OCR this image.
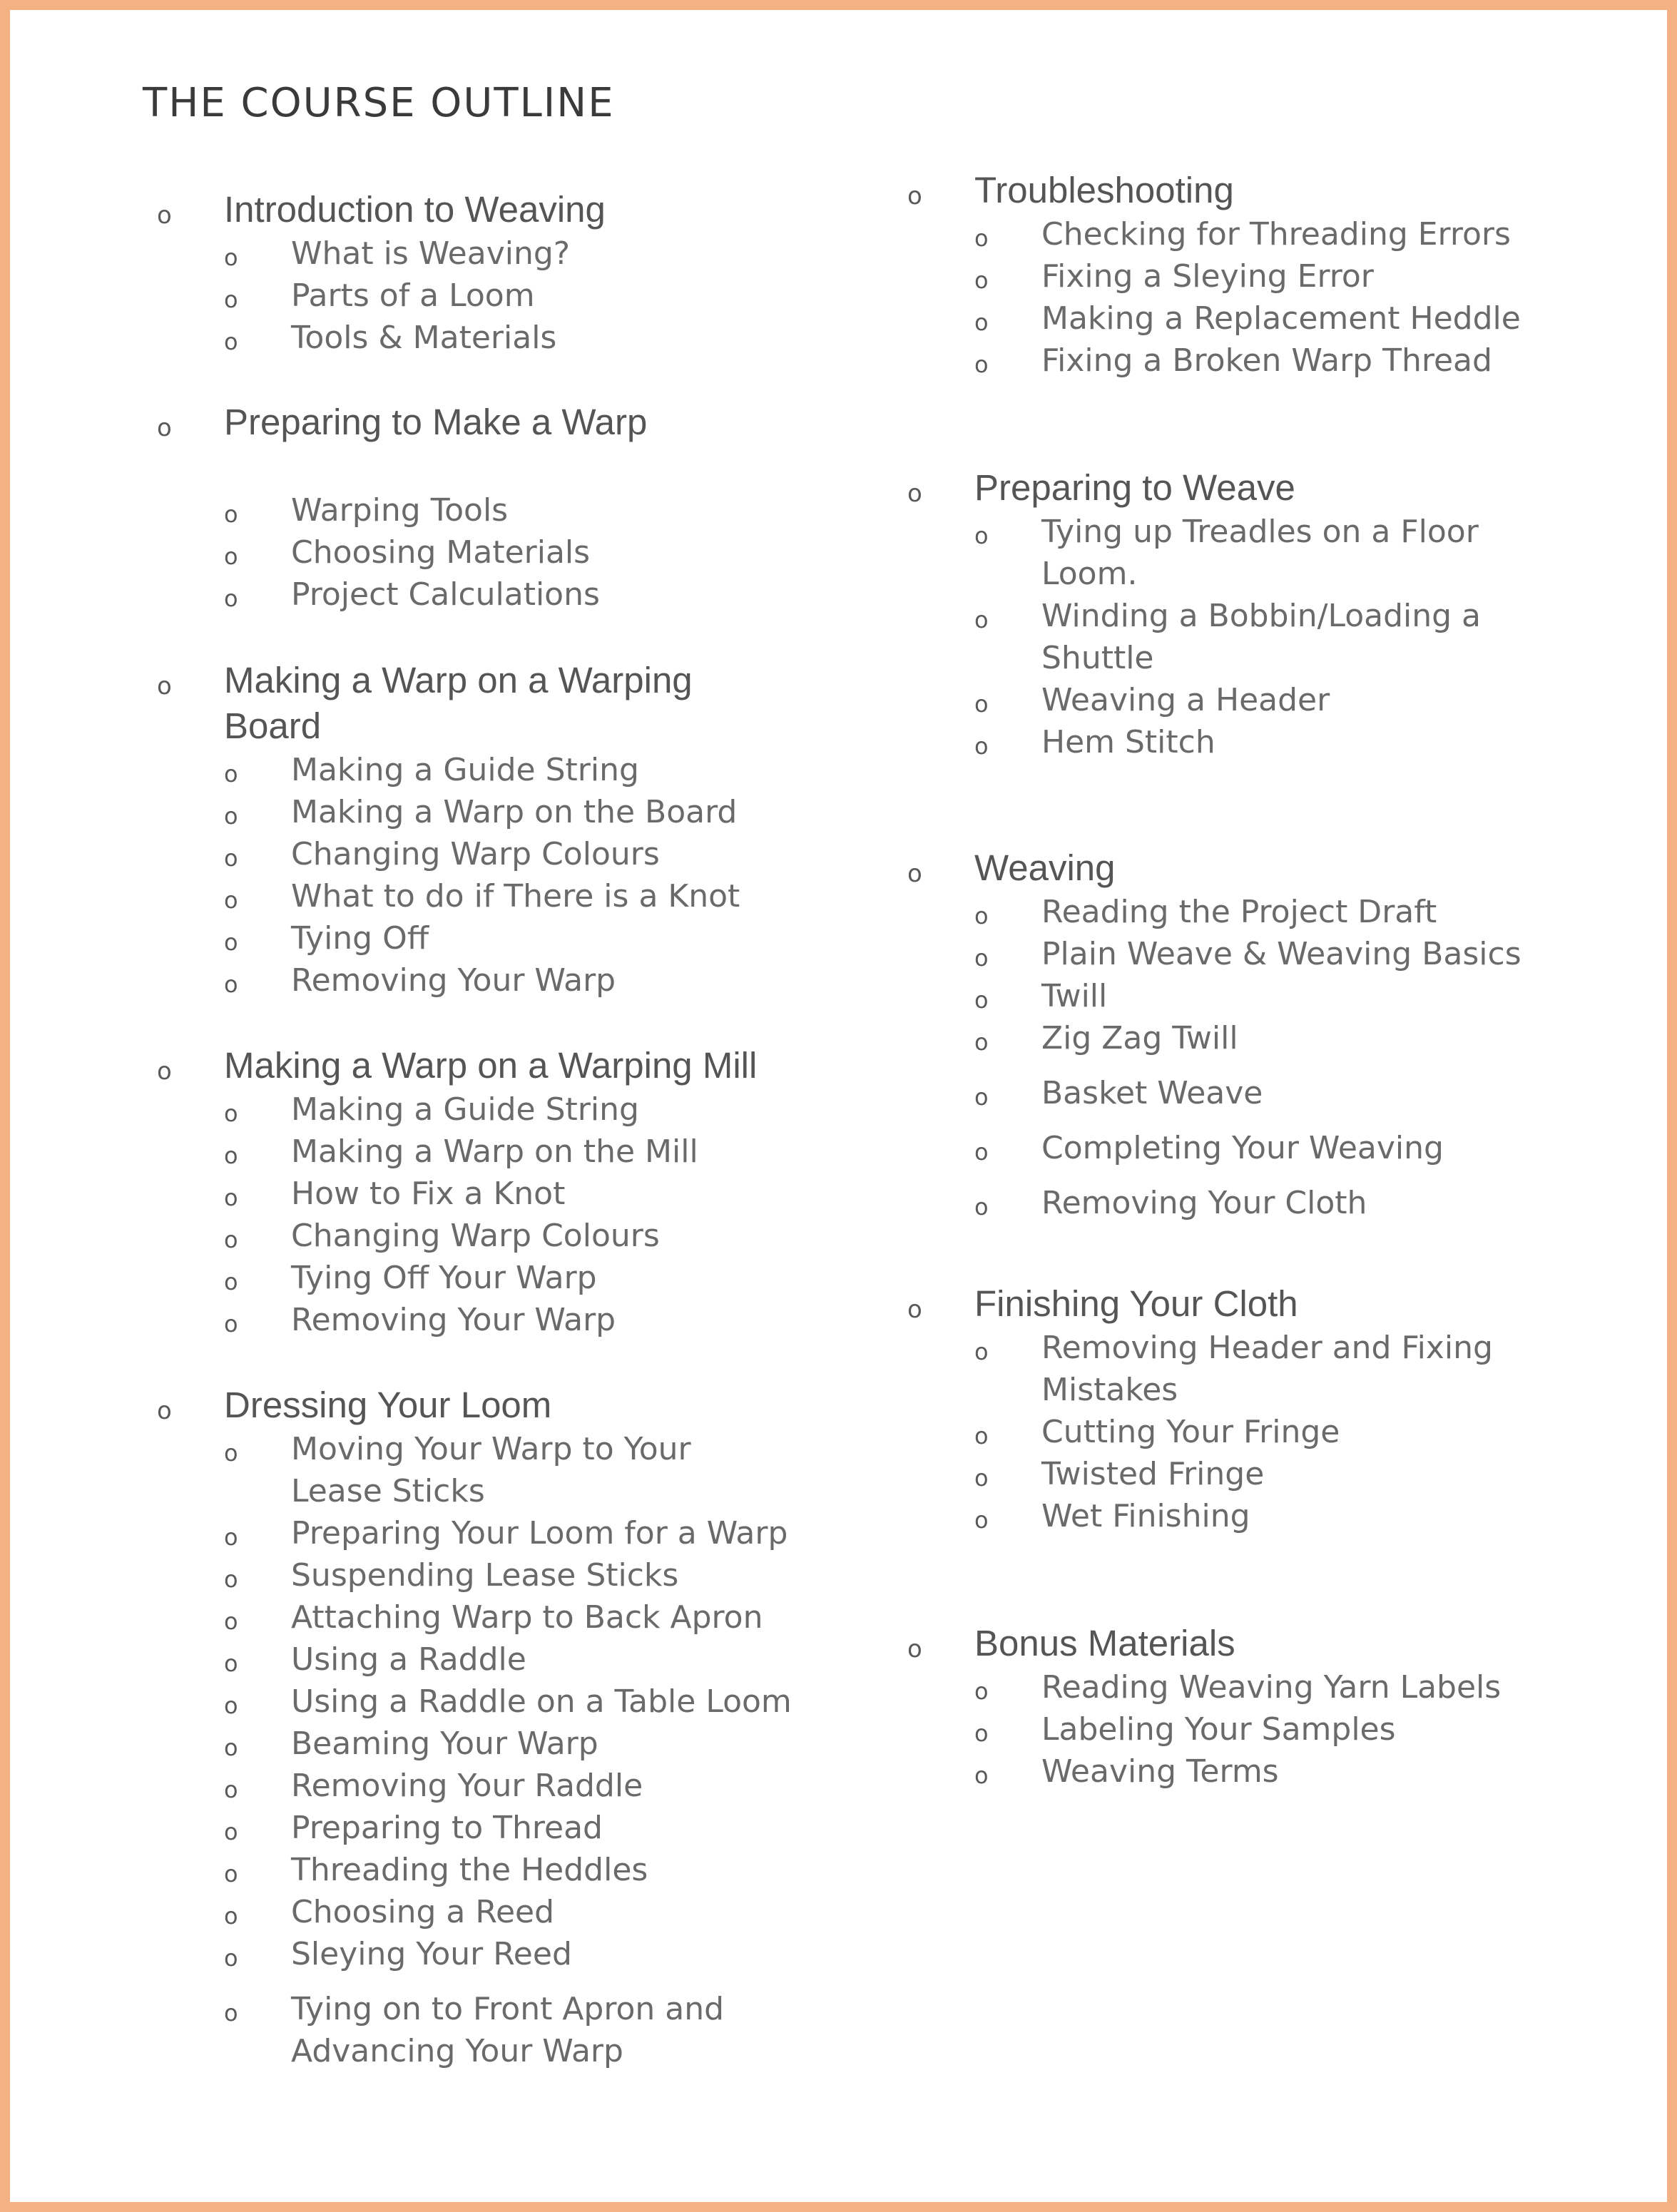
THE COURSE OUTLINE
o Introduction to Weaving
o What is Weaving?
o Parts of a Loom
o Tools & Materials
o Preparing to Make a Warp
o Warping Tools
o Choosing Materials
o Project Calculations
o Making a Warp on a Warping Board
o Making a Guide String
o Making a Warp on the Board
o Changing Warp Colours
o What to do if There is a Knot
o Tying Off
o Removing Your Warp
o Making a Warp on a Warping Mill
o Making a Guide String
o Making a Warp on the Mill
o How to Fix a Knot
o Changing Warp Colours
o Tying Off Your Warp
o Removing Your Warp
o Dressing Your Loom
o Moving Your Warp to Your Lease Sticks
o Preparing Your Loom for a Warp
o Suspending Lease Sticks
o Attaching Warp to Back Apron
o Using a Raddle
o Using a Raddle on a Table Loom
o Beaming Your Warp
o Removing Your Raddle
o Preparing to Thread
o Threading the Heddles
o Choosing a Reed
o Sleying Your Reed
o Tying on to Front Apron and Advancing Your Warp
o Troubleshooting
o Checking for Threading Errors
o Fixing a Sleying Error
o Making a Replacement Heddle
o Fixing a Broken Warp Thread
o Preparing to Weave
o Tying up Treadles on a Floor Loom.
o Winding a Bobbin/Loading a Shuttle
o Weaving a Header
o Hem Stitch
o Weaving
o Reading the Project Draft
o Plain Weave & Weaving Basics
o Twill
o Zig Zag Twill
o Basket Weave
o Completing Your Weaving
o Removing Your Cloth
o Finishing Your Cloth
o Removing Header and Fixing Mistakes
o Cutting Your Fringe
o Twisted Fringe
o Wet Finishing
o Bonus Materials
o Reading Weaving Yarn Labels
o Labeling Your Samples
o Weaving Terms
